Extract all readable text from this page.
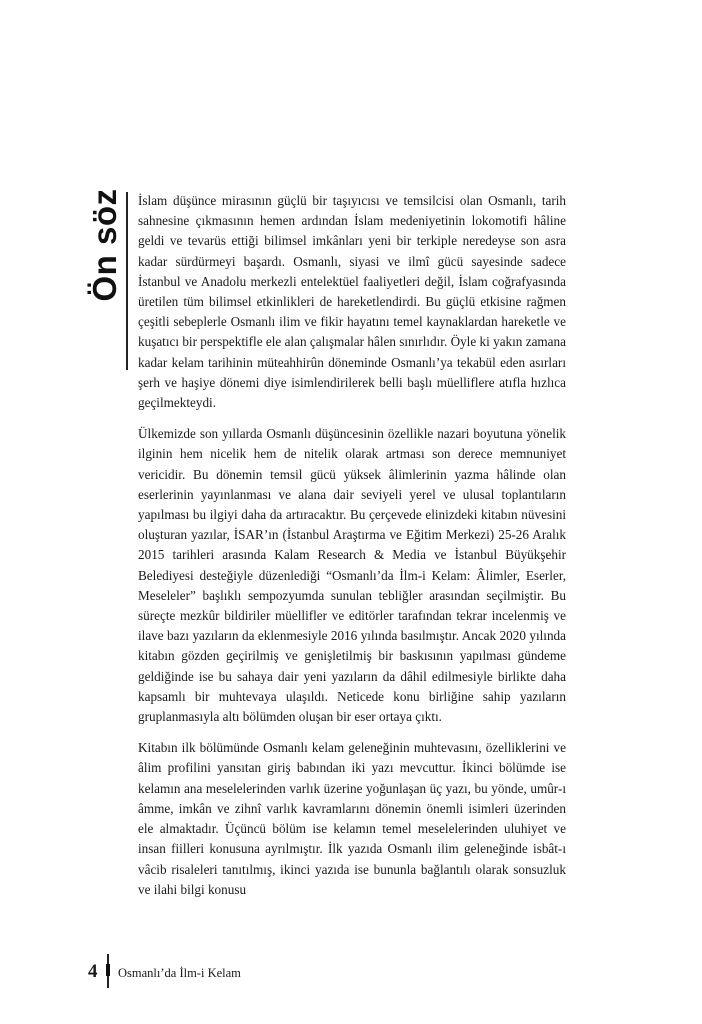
Ön söz İslam düşünce mirasının güçlü bir taşıyıcısı ve temsilcisi olan Osmanlı, tarih sahnesine çıkmasının hemen ardından İslam medeniyetinin lokomotifi hâline geldi ve tevarüs ettiği bilimsel imkânları yeni bir terkiple neredeyse son asra kadar sürdürmeyi başardı. Osmanlı, siyasi ve ilmî gücü sayesinde sadece İstanbul ve Anadolu merkezli entelektüel faaliyetleri değil, İslam coğrafyasında üretilen tüm bilimsel etkinlikleri de hareketlendirdi. Bu güçlü etkisine rağmen çeşitli sebeplerle Osmanlı ilim ve fikir hayatını temel kaynaklardan hareketle ve kuşatıcı bir perspektifle ele alan çalışmalar hâlen sınırlıdır. Öyle ki yakın zamana kadar kelam tarihinin müteahhirûn döneminde Osmanlı’ya tekabül eden asırları şerh ve haşiye dönemi diye isimlendirilerek belli başlı müelliflere atıfla hızlıca geçilmekteydi.

Ülkemizde son yıllarda Osmanlı düşüncesinin özellikle nazari boyutuna yönelik ilginin hem nicelik hem de nitelik olarak artması son derece memnuniyet vericidir. Bu dönemin temsil gücü yüksek âlimlerinin yazma hâlinde olan eserlerinin yayınlanması ve alana dair seviyeli yerel ve ulusal toplantıların yapılması bu ilgiyi daha da artıracaktır. Bu çerçevede elinizdeki kitabın nüvesini oluşturan yazılar, İSAR’ın (İstanbul Araştırma ve Eğitim Merkezi) 25-26 Aralık 2015 tarihleri arasında Kalam Research & Media ve İstanbul Büyükşehir Belediyesi desteğiyle düzenlediği “Osmanlı’da İlm-i Kelam: Âlimler, Eserler, Meseleler” başlıklı sempozyumda sunulan tebliğler arasından seçilmiştir. Bu süreçte mezkûr bildiriler müellifler ve editörler tarafından tekrar incelenmiş ve ilave bazı yazıların da eklenmesiyle 2016 yılında basılmıştır. Ancak 2020 yılında kitabın gözden geçirilmiş ve genişletilmiş bir baskısının yapılması gündeme geldiğinde ise bu sahaya dair yeni yazıların da dâhil edilmesiyle birlikte daha kapsamlı bir muhtevaya ulaşıldı. Neticede konu birliğine sahip yazıların gruplanmasıyla altı bölümden oluşan bir eser ortaya çıktı.

Kitabın ilk bölümünde Osmanlı kelam geleneğinin muhtevasını, özelliklerini ve âlim profilini yansıtan giriş babından iki yazı mevcuttur. İkinci bölümde ise kelamın ana meselelerinden varlık üzerine yoğunlaşan üç yazı, bu yönde, umûr-ı âmme, imkân ve zihnî varlık kavramlarını dönemin önemli isimleri üzerinden ele almaktadır. Üçüncü bölüm ise kelamın temel meselelerinden uluhiyet ve insan fiilleri konusuna ayrılmıştır. İlk yazıda Osmanlı ilim geleneğinde isbât-ı vâcib risaleleri tanıtılmış, ikinci yazıda ise bununla bağlantılı olarak sonsuzluk ve ilahi bilgi konusu

4 Osmanlı’da İlm-i Kelam
